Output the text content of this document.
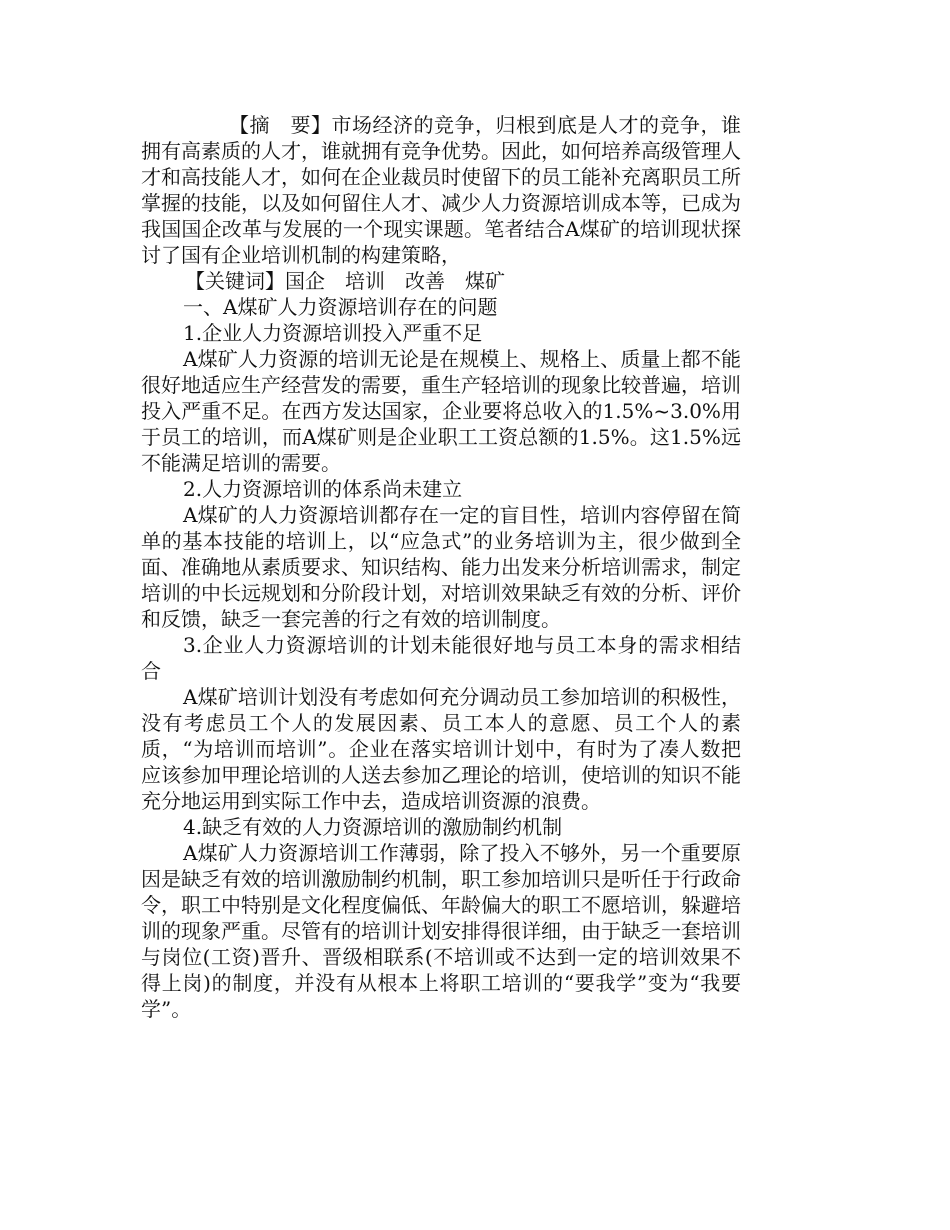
【摘　要】市场经济的竞争，归根到底是人才的竞争，谁拥有高素质的人才，谁就拥有竞争优势。因此，如何培养高级管理人才和高技能人才，如何在企业裁员时使留下的员工能补充离职员工所掌握的技能，以及如何留住人才、减少人力资源培训成本等，已成为我国国企改革与发展的一个现实课题。笔者结合A煤矿的培训现状探讨了国有企业培训机制的构建策略，

【关键词】国企　培训　改善　煤矿

一、A煤矿人力资源培训存在的问题

1.企业人力资源培训投入严重不足

A煤矿人力资源的培训无论是在规模上、规格上、质量上都不能很好地适应生产经营发的需要，重生产轻培训的现象比较普遍，培训投入严重不足。在西方发达国家，企业要将总收入的1.5%~3.0%用于员工的培训，而A煤矿则是企业职工工资总额的1.5%。这1.5%远不能满足培训的需要。

2.人力资源培训的体系尚未建立

A煤矿的人力资源培训都存在一定的盲目性，培训内容停留在简单的基本技能的培训上，以“应急式”的业务培训为主，很少做到全面、准确地从素质要求、知识结构、能力出发来分析培训需求，制定培训的中长远规划和分阶段计划，对培训效果缺乏有效的分析、评价和反馈，缺乏一套完善的行之有效的培训制度。

3.企业人力资源培训的计划未能很好地与员工本身的需求相结合

A煤矿培训计划没有考虑如何充分调动员工参加培训的积极性，没有考虑员工个人的发展因素、员工本人的意愿、员工个人的素质，“为培训而培训”。企业在落实培训计划中，有时为了凑人数把应该参加甲理论培训的人送去参加乙理论的培训，使培训的知识不能充分地运用到实际工作中去，造成培训资源的浪费。

4.缺乏有效的人力资源培训的激励制约机制

A煤矿人力资源培训工作薄弱，除了投入不够外，另一个重要原因是缺乏有效的培训激励制约机制，职工参加培训只是听任于行政命令，职工中特别是文化程度偏低、年龄偏大的职工不愿培训，躲避培训的现象严重。尽管有的培训计划安排得很详细，由于缺乏一套培训与岗位(工资)晋升、晋级相联系(不培训或不达到一定的培训效果不得上岗)的制度，并没有从根本上将职工培训的“要我学”变为“我要学”。
